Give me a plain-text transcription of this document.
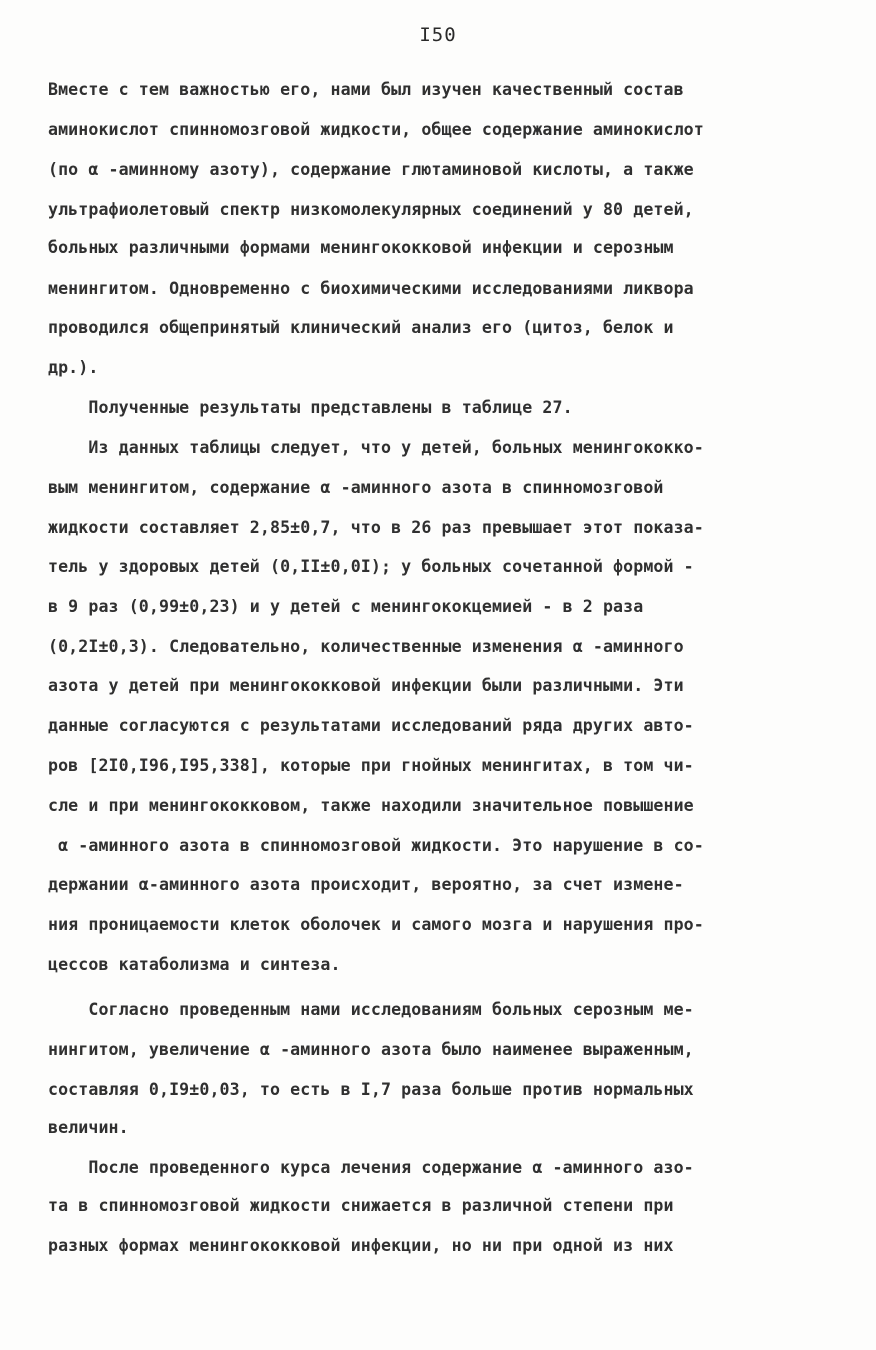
I50

Вместе с тем важностью его, нами был изучен качественный состав

аминокислот спинномозговой жидкости, общее содержание аминокислот

(по α -аминному азоту), содержание глютаминовой кислоты, а также

ультрафиолетовый спектр низкомолекулярных соединений у 80 детей,

больных различными формами менингококковой инфекции и серозным

менингитом. Одновременно с биохимическими исследованиями ликвора

проводился общепринятый клинический анализ его (цитоз, белок и

др.).

Полученные результаты представлены в таблице 27.

Из данных таблицы следует, что у детей, больных менингококко-

вым менингитом, содержание α -аминного азота в спинномозговой

жидкости составляет 2,85±0,7, что в 26 раз превышает этот показа-

тель у здоровых детей (0,II±0,0I); у больных сочетанной формой -

в 9 раз (0,99±0,23) и у детей с менингококцемией - в 2 раза

(0,2I±0,3). Следовательно, количественные изменения α -аминного

азота у детей при менингококковой инфекции были различными. Эти

данные согласуются с результатами исследований ряда других авто-

ров [2I0,I96,I95,338], которые при гнойных менингитах, в том чи-

сле и при менингококковом, также находили значительное повышение

α -аминного азота в спинномозговой жидкости. Это нарушение в со-

держании α-аминного азота происходит, вероятно, за счет измене-

ния проницаемости клеток оболочек и самого мозга и нарушения про-

цессов катаболизма и синтеза.

Согласно проведенным нами исследованиям больных серозным ме-

нингитом, увеличение α -аминного азота было наименее выраженным,

составляя 0,I9±0,03, то есть в I,7 раза больше против нормальных

величин.

После проведенного курса лечения содержание α -аминного азо-

та в спинномозговой жидкости снижается в различной степени при

разных формах менингококковой инфекции, но ни при одной из них
